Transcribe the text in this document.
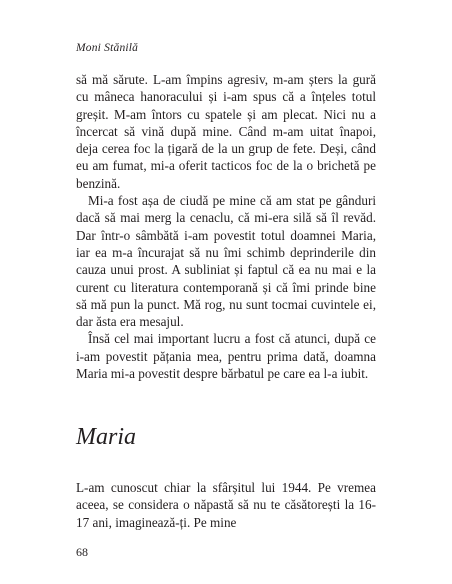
Moni Stănilă

să mă sărute. L-am împins agresiv, m-am șters la gură cu mâneca hanoracului și i-am spus că a înțeles totul greșit. M-am întors cu spatele și am plecat. Nici nu a încercat să vină după mine. Când m-am uitat înapoi, deja cerea foc la țigară de la un grup de fete. Deși, când eu am fumat, mi-a oferit tacticos foc de la o brichetă pe benzină.

Mi-a fost așa de ciudă pe mine că am stat pe gânduri dacă să mai merg la cenaclu, că mi-era silă să îl revăd. Dar într-o sâmbătă i-am povestit totul doamnei Maria, iar ea m-a încurajat să nu îmi schimb deprinderile din cauza unui prost. A subliniat și faptul că ea nu mai e la curent cu literatura contemporană și că îmi prinde bine să mă pun la punct. Mă rog, nu sunt tocmai cuvintele ei, dar ăsta era mesajul.

Însă cel mai important lucru a fost că atunci, după ce i-am povestit pățania mea, pentru prima dată, doamna Maria mi-a povestit despre bărbatul pe care ea l-a iubit.

Maria

L-am cunoscut chiar la sfârșitul lui 1944. Pe vremea aceea, se considera o năpastă să nu te căsătorești la 16-17 ani, imaginează-ți. Pe mine

68
